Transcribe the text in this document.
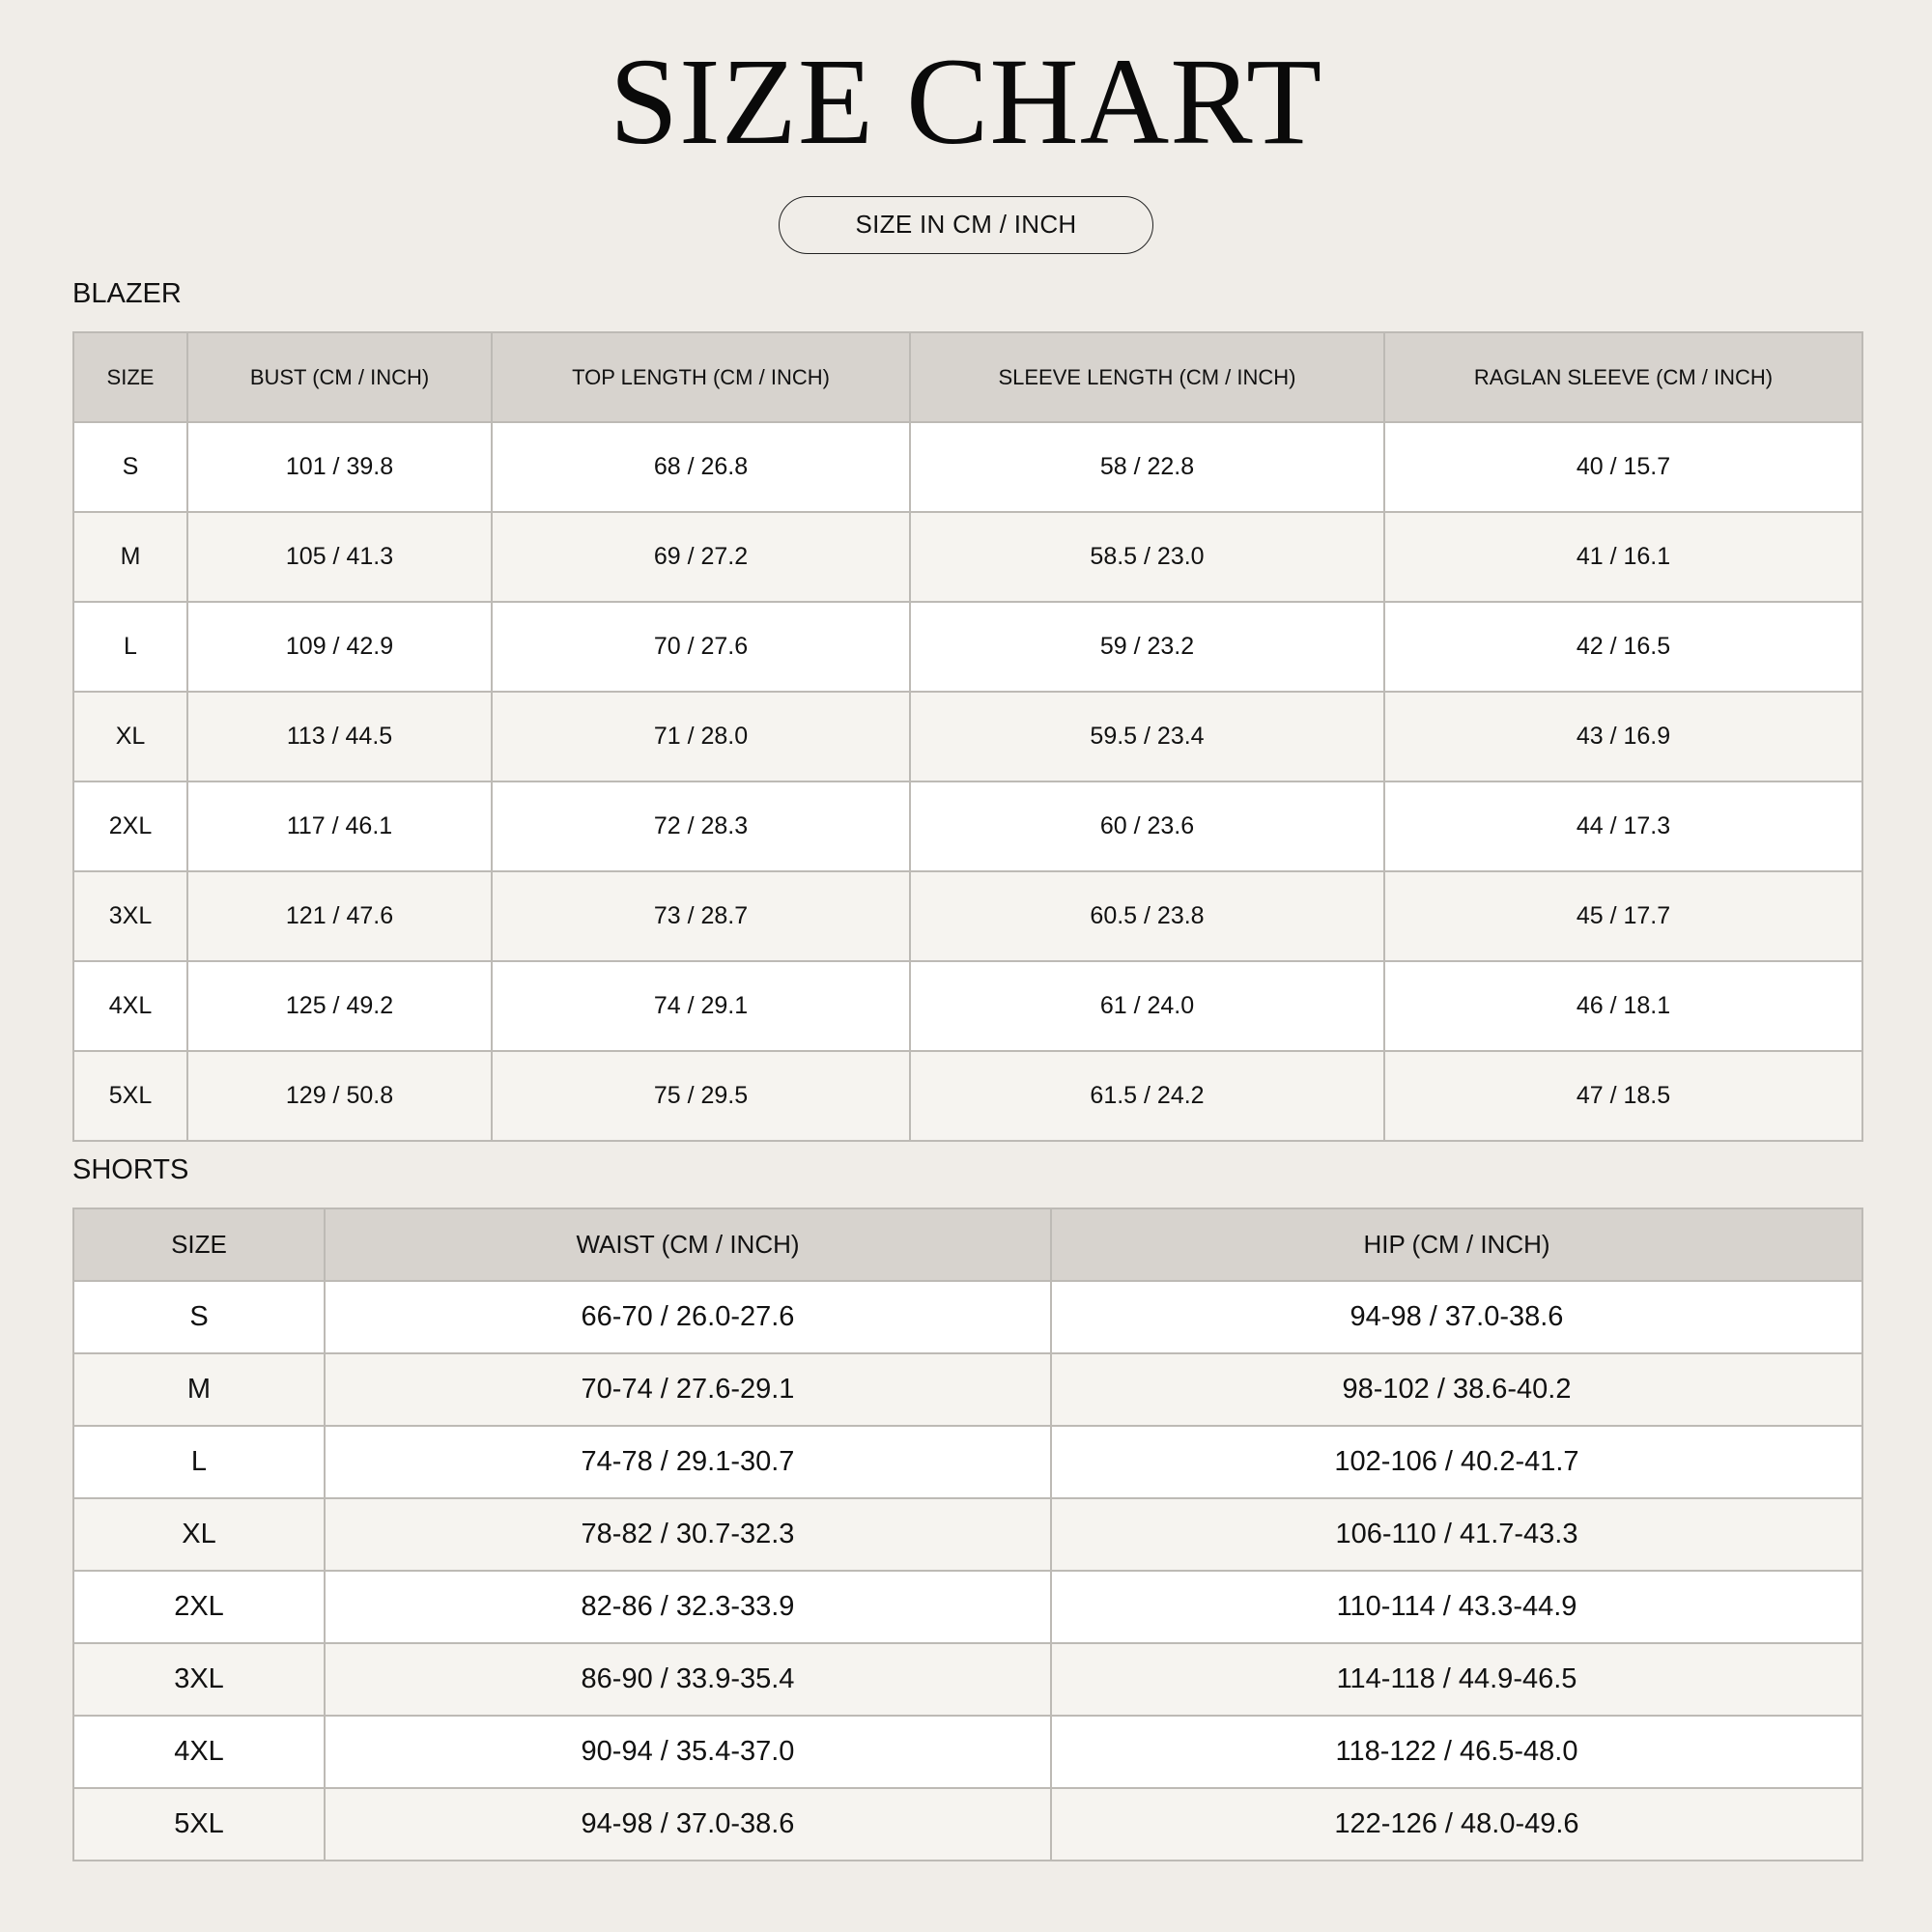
SIZE CHART
SIZE IN CM / INCH
BLAZER
SIZE	BUST (CM / INCH)	TOP LENGTH (CM / INCH)	SLEEVE LENGTH (CM / INCH)	RAGLAN SLEEVE (CM / INCH)
S	101 / 39.8	68 / 26.8	58 / 22.8	40 / 15.7
M	105 / 41.3	69 / 27.2	58.5 / 23.0	41 / 16.1
L	109 / 42.9	70 / 27.6	59 / 23.2	42 / 16.5
XL	113 / 44.5	71 / 28.0	59.5 / 23.4	43 / 16.9
2XL	117 / 46.1	72 / 28.3	60 / 23.6	44 / 17.3
3XL	121 / 47.6	73 / 28.7	60.5 / 23.8	45 / 17.7
4XL	125 / 49.2	74 / 29.1	61 / 24.0	46 / 18.1
5XL	129 / 50.8	75 / 29.5	61.5 / 24.2	47 / 18.5
SHORTS
SIZE	WAIST (CM / INCH)	HIP (CM / INCH)
S	66-70 / 26.0-27.6	94-98 / 37.0-38.6
M	70-74 / 27.6-29.1	98-102 / 38.6-40.2
L	74-78 / 29.1-30.7	102-106 / 40.2-41.7
XL	78-82 / 30.7-32.3	106-110 / 41.7-43.3
2XL	82-86 / 32.3-33.9	110-114 / 43.3-44.9
3XL	86-90 / 33.9-35.4	114-118 / 44.9-46.5
4XL	90-94 / 35.4-37.0	118-122 / 46.5-48.0
5XL	94-98 / 37.0-38.6	122-126 / 48.0-49.6
